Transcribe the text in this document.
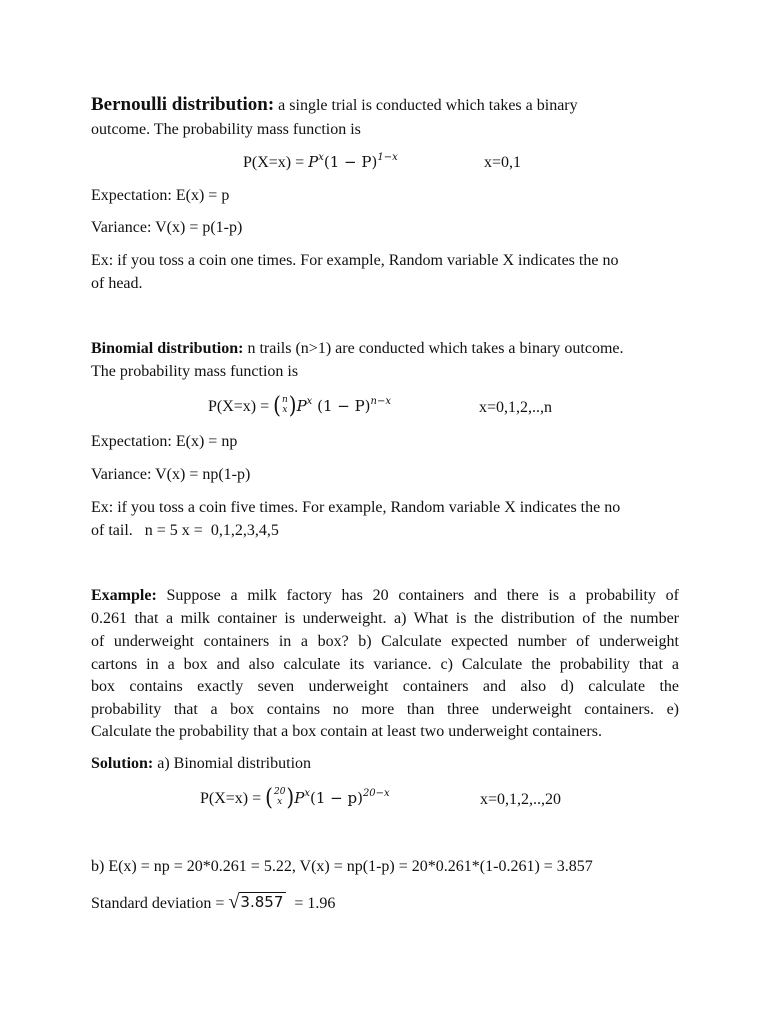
Bernoulli distribution: a single trial is conducted which takes a binary
outcome. The probability mass function is
$P(X=x) = P^x(1 - P)^{1-x}$	x=0,1
Expectation: E(x) = p
Variance: V(x) = p(1-p)
Ex: if you toss a coin one times. For example, Random variable X indicates the no
of head.
Binomial distribution: n trails (n>1) are conducted which takes a binary outcome.
The probability mass function is
P(X=x) = ( n
x ) $P^x$ $(1 - P)^{n-x}$	x=0,1,2,..,n
Expectation: E(x) = np
Variance: V(x) = np(1-p)
Ex: if you toss a coin five times. For example, Random variable X indicates the no
of tail.   n = 5 x =  0,1,2,3,4,5
Example: Suppose a milk factory has 20 containers and there is a probability of
0.261 that a milk container is underweight. a) What is the distribution of the number
of underweight containers in a box? b) Calculate expected number of underweight
cartons in a box and also calculate its variance. c) Calculate the probability that a
box contains exactly seven underweight containers and also d) calculate the
probability that a box contains no more than three underweight containers. e)
Calculate the probability that a box contain at least two underweight containers.
Solution: a) Binomial distribution
P(X=x) = ( 20
x ) $P^x(1 - p)^{20-x}$	x=0,1,2,..,20
b) E(x) = np = 20*0.261 = 5.22, V(x) = np(1-p) = 20*0.261*(1-0.261) = 3.857
Standard deviation = √ 3.857 = 1.96
